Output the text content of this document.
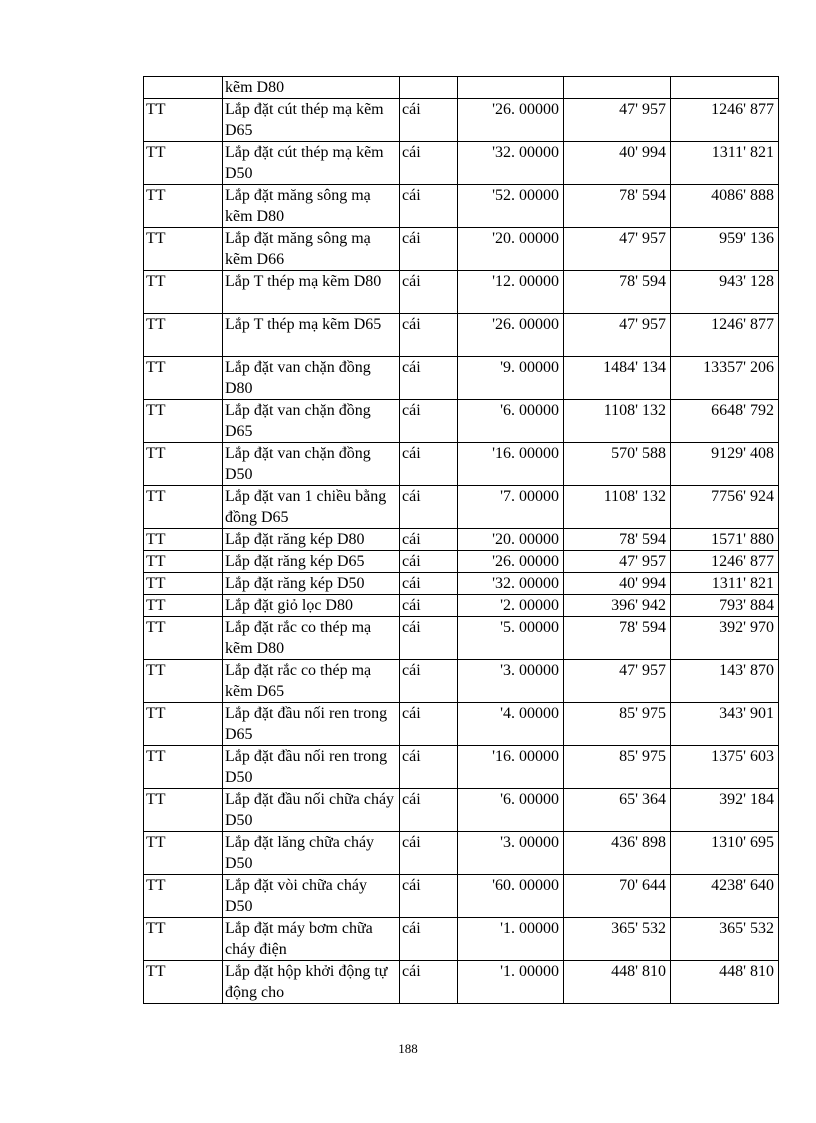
	kẽm D80				
TT	Lắp đặt cút thép mạ kẽm D65	cái	'26. 00000	47' 957	1246' 877
TT	Lắp đặt cút thép mạ kẽm D50	cái	'32. 00000	40' 994	1311' 821
TT	Lắp đặt măng sông mạ kẽm D80	cái	'52. 00000	78' 594	4086' 888
TT	Lắp đặt măng sông mạ kẽm D66	cái	'20. 00000	47' 957	959' 136
TT	Lắp T thép mạ kẽm D80	cái	'12. 00000	78' 594	943' 128
TT	Lắp T thép mạ kẽm D65	cái	'26. 00000	47' 957	1246' 877
TT	Lắp đặt van chặn đồng D80	cái	'9. 00000	1484' 134	13357' 206
TT	Lắp đặt van chặn đồng D65	cái	'6. 00000	1108' 132	6648' 792
TT	Lắp đặt van chặn đồng D50	cái	'16. 00000	570' 588	9129' 408
TT	Lắp đặt van 1 chiều bằng đồng D65	cái	'7. 00000	1108' 132	7756' 924
TT	Lắp đặt răng kép D80	cái	'20. 00000	78' 594	1571' 880
TT	Lắp đặt răng kép D65	cái	'26. 00000	47' 957	1246' 877
TT	Lắp đặt răng kép D50	cái	'32. 00000	40' 994	1311' 821
TT	Lắp đặt giỏ lọc D80	cái	'2. 00000	396' 942	793' 884
TT	Lắp đặt rắc co thép mạ kẽm D80	cái	'5. 00000	78' 594	392' 970
TT	Lắp đặt rắc co thép mạ kẽm D65	cái	'3. 00000	47' 957	143' 870
TT	Lắp đặt đầu nối ren trong D65	cái	'4. 00000	85' 975	343' 901
TT	Lắp đặt đầu nối ren trong D50	cái	'16. 00000	85' 975	1375' 603
TT	Lắp đặt đầu nối chữa cháy D50	cái	'6. 00000	65' 364	392' 184
TT	Lắp đặt lăng chữa cháy D50	cái	'3. 00000	436' 898	1310' 695
TT	Lắp đặt vòi chữa cháy D50	cái	'60. 00000	70' 644	4238' 640
TT	Lắp đặt máy bơm chữa cháy điện	cái	'1. 00000	365' 532	365' 532
TT	Lắp đặt hộp khởi động tự động cho	cái	'1. 00000	448' 810	448' 810
188
